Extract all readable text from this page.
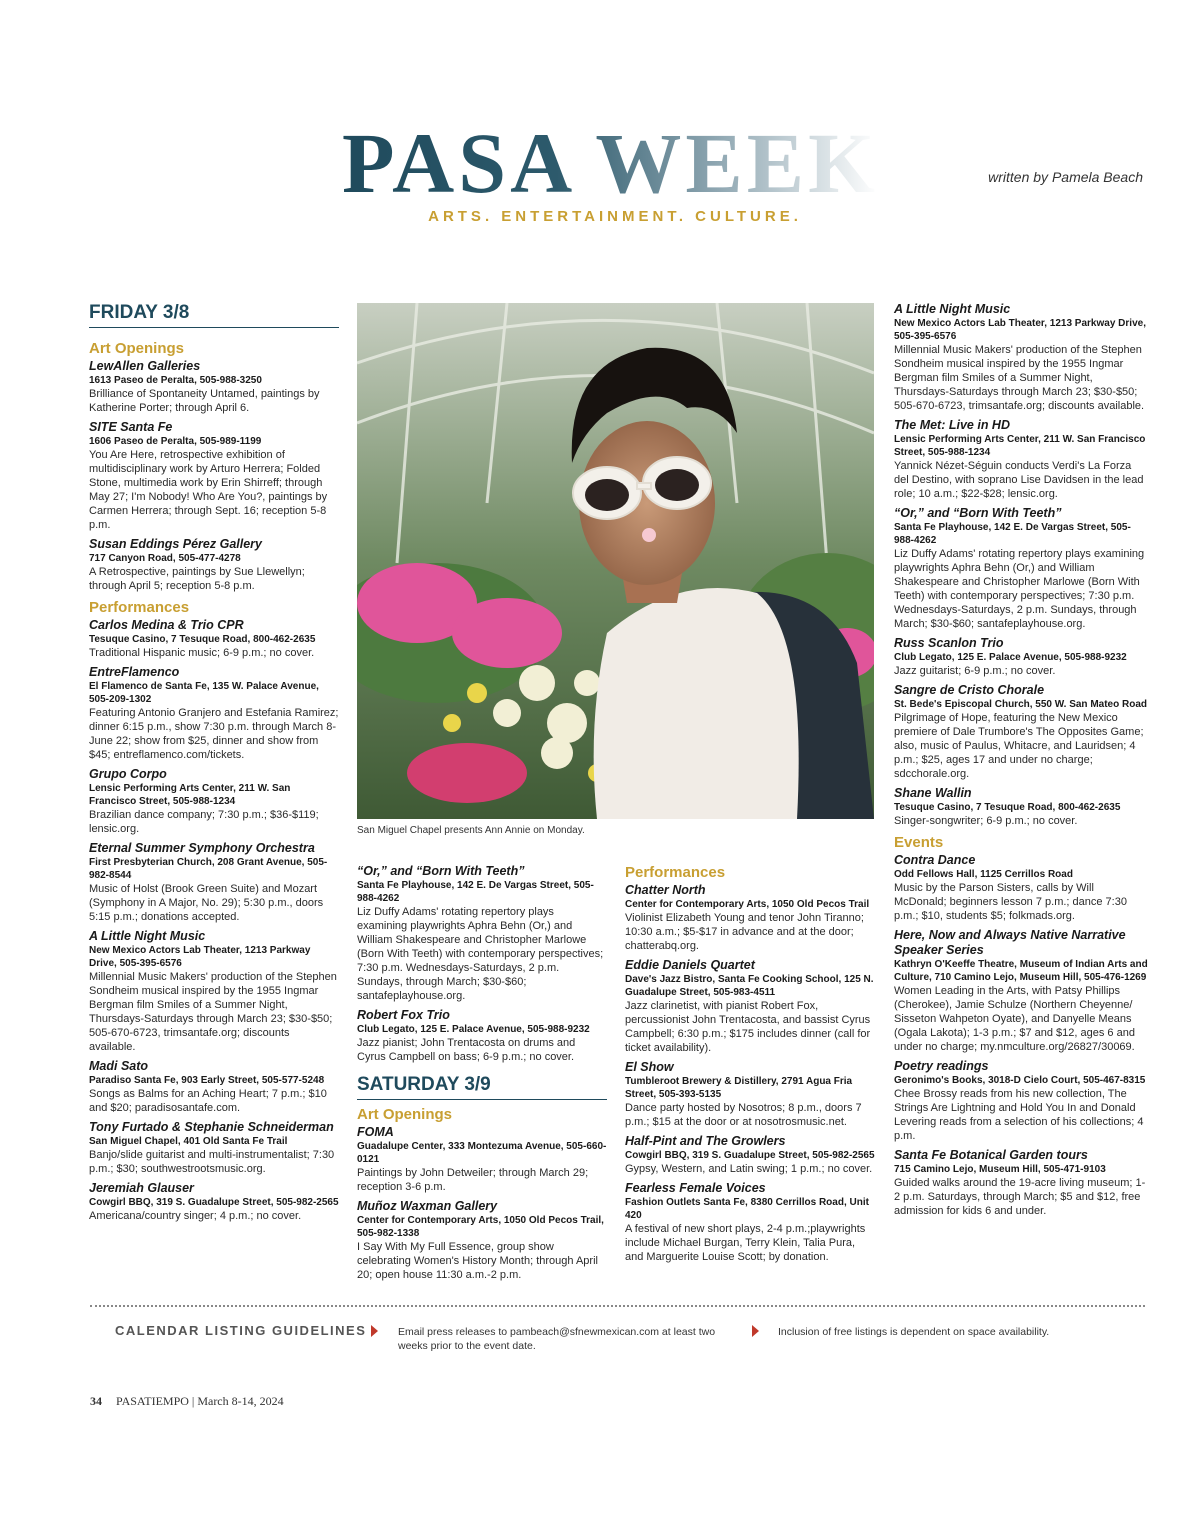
PASA WEEK
ARTS. ENTERTAINMENT. CULTURE.
written by Pamela Beach
FRIDAY 3/8
Art Openings
LewAllen Galleries
1613 Paseo de Peralta, 505-988-3250
Brilliance of Spontaneity Untamed, paintings by Katherine Porter; through April 6.
SITE Santa Fe
1606 Paseo de Peralta, 505-989-1199
You Are Here, retrospective exhibition of multidisciplinary work by Arturo Herrera; Folded Stone, multimedia work by Erin Shirreff; through May 27; I'm Nobody! Who Are You?, paintings by Carmen Herrera; through Sept. 16; reception 5-8 p.m.
Susan Eddings Pérez Gallery
717 Canyon Road, 505-477-4278
A Retrospective, paintings by Sue Llewellyn; through April 5; reception 5-8 p.m.
Performances
Carlos Medina & Trio CPR
Tesuque Casino, 7 Tesuque Road, 800-462-2635
Traditional Hispanic music; 6-9 p.m.; no cover.
EntreFlamenco
El Flamenco de Santa Fe, 135 W. Palace Avenue, 505-209-1302
Featuring Antonio Granjero and Estefania Ramirez; dinner 6:15 p.m., show 7:30 p.m. through March 8-June 22; show from $25, dinner and show from $45; entreflamenco.com/tickets.
Grupo Corpo
Lensic Performing Arts Center, 211 W. San Francisco Street, 505-988-1234
Brazilian dance company; 7:30 p.m.; $36-$119; lensic.org.
Eternal Summer Symphony Orchestra
First Presbyterian Church, 208 Grant Avenue, 505-982-8544
Music of Holst (Brook Green Suite) and Mozart (Symphony in A Major, No. 29); 5:30 p.m., doors 5:15 p.m.; donations accepted.
A Little Night Music
New Mexico Actors Lab Theater, 1213 Parkway Drive, 505-395-6576
Millennial Music Makers' production of the Stephen Sondheim musical inspired by the 1955 Ingmar Bergman film Smiles of a Summer Night, Thursdays-Saturdays through March 23; $30-$50; 505-670-6723, trimsantafe.org; discounts available.
Madi Sato
Paradiso Santa Fe, 903 Early Street, 505-577-5248
Songs as Balms for an Aching Heart; 7 p.m.; $10 and $20; paradisosantafe.com.
Tony Furtado & Stephanie Schneiderman
San Miguel Chapel, 401 Old Santa Fe Trail
Banjo/slide guitarist and multi-instrumentalist; 7:30 p.m.; $30; southwestrootsmusic.org.
Jeremiah Glauser
Cowgirl BBQ, 319 S. Guadalupe Street, 505-982-2565
Americana/country singer; 4 p.m.; no cover.
San Miguel Chapel presents Ann Annie on Monday.
“Or,” and “Born With Teeth”
Santa Fe Playhouse, 142 E. De Vargas Street, 505-988-4262
Liz Duffy Adams' rotating repertory plays examining playwrights Aphra Behn (Or,) and William Shakespeare and Christopher Marlowe (Born With Teeth) with contemporary perspectives; 7:30 p.m. Wednesdays-Saturdays, 2 p.m. Sundays, through March; $30-$60; santafeplayhouse.org.
Robert Fox Trio
Club Legato, 125 E. Palace Avenue, 505-988-9232
Jazz pianist; John Trentacosta on drums and Cyrus Campbell on bass; 6-9 p.m.; no cover.
SATURDAY 3/9
Art Openings
FOMA
Guadalupe Center, 333 Montezuma Avenue, 505-660-0121
Paintings by John Detweiler; through March 29; reception 3-6 p.m.
Muñoz Waxman Gallery
Center for Contemporary Arts, 1050 Old Pecos Trail, 505-982-1338
I Say With My Full Essence, group show celebrating Women's History Month; through April 20; open house 11:30 a.m.-2 p.m.
Performances
Chatter North
Center for Contemporary Arts, 1050 Old Pecos Trail
Violinist Elizabeth Young and tenor John Tiranno; 10:30 a.m.; $5-$17 in advance and at the door; chatterabq.org.
Eddie Daniels Quartet
Dave's Jazz Bistro, Santa Fe Cooking School, 125 N. Guadalupe Street, 505-983-4511
Jazz clarinetist, with pianist Robert Fox, percussionist John Trentacosta, and bassist Cyrus Campbell; 6:30 p.m.; $175 includes dinner (call for ticket availability).
El Show
Tumbleroot Brewery & Distillery, 2791 Agua Fria Street, 505-393-5135
Dance party hosted by Nosotros; 8 p.m., doors 7 p.m.; $15 at the door or at nosotrosmusic.net.
Half-Pint and The Growlers
Cowgirl BBQ, 319 S. Guadalupe Street, 505-982-2565
Gypsy, Western, and Latin swing; 1 p.m.; no cover.
Fearless Female Voices
Fashion Outlets Santa Fe, 8380 Cerrillos Road, Unit 420
A festival of new short plays, 2-4 p.m.;playwrights include Michael Burgan, Terry Klein, Talia Pura, and Marguerite Louise Scott; by donation.
A Little Night Music
New Mexico Actors Lab Theater, 1213 Parkway Drive, 505-395-6576
Millennial Music Makers' production of the Stephen Sondheim musical inspired by the 1955 Ingmar Bergman film Smiles of a Summer Night, Thursdays-Saturdays through March 23; $30-$50; 505-670-6723, trimsantafe.org; discounts available.
The Met: Live in HD
Lensic Performing Arts Center, 211 W. San Francisco Street, 505-988-1234
Yannick Nézet-Séguin conducts Verdi's La Forza del Destino, with soprano Lise Davidsen in the lead role; 10 a.m.; $22-$28; lensic.org.
“Or,” and “Born With Teeth”
Santa Fe Playhouse, 142 E. De Vargas Street, 505-988-4262
Liz Duffy Adams' rotating repertory plays examining playwrights Aphra Behn (Or,) and William Shakespeare and Christopher Marlowe (Born With Teeth) with contemporary perspectives; 7:30 p.m. Wednesdays-Saturdays, 2 p.m. Sundays, through March; $30-$60; santafeplayhouse.org.
Russ Scanlon Trio
Club Legato, 125 E. Palace Avenue, 505-988-9232
Jazz guitarist; 6-9 p.m.; no cover.
Sangre de Cristo Chorale
St. Bede's Episcopal Church, 550 W. San Mateo Road
Pilgrimage of Hope, featuring the New Mexico premiere of Dale Trumbore's The Opposites Game; also, music of Paulus, Whitacre, and Lauridsen; 4 p.m.; $25, ages 17 and under no charge; sdcchorale.org.
Shane Wallin
Tesuque Casino, 7 Tesuque Road, 800-462-2635
Singer-songwriter; 6-9 p.m.; no cover.
Events
Contra Dance
Odd Fellows Hall, 1125 Cerrillos Road
Music by the Parson Sisters, calls by Will McDonald; beginners lesson 7 p.m.; dance 7:30 p.m.; $10, students $5; folkmads.org.
Here, Now and Always Native Narrative Speaker Series
Kathryn O'Keeffe Theatre, Museum of Indian Arts and Culture, 710 Camino Lejo, Museum Hill, 505-476-1269
Women Leading in the Arts, with Patsy Phillips (Cherokee), Jamie Schulze (Northern Cheyenne/ Sisseton Wahpeton Oyate), and Danyelle Means (Ogala Lakota); 1-3 p.m.; $7 and $12, ages 6 and under no charge; my.nmculture.org/26827/30069.
Poetry readings
Geronimo's Books, 3018-D Cielo Court, 505-467-8315
Chee Brossy reads from his new collection, The Strings Are Lightning and Hold You In and Donald Levering reads from a selection of his collections; 4 p.m.
Santa Fe Botanical Garden tours
715 Camino Lejo, Museum Hill, 505-471-9103
Guided walks around the 19-acre living museum; 1-2 p.m. Saturdays, through March; $5 and $12, free admission for kids 6 and under.
CALENDAR LISTING GUIDELINES	Email press releases to pambeach@sfnewmexican.com at least two weeks prior to the event date.
Inclusion of free listings is dependent on space availability.
34 PASATIEMPO | March 8-14, 2024
